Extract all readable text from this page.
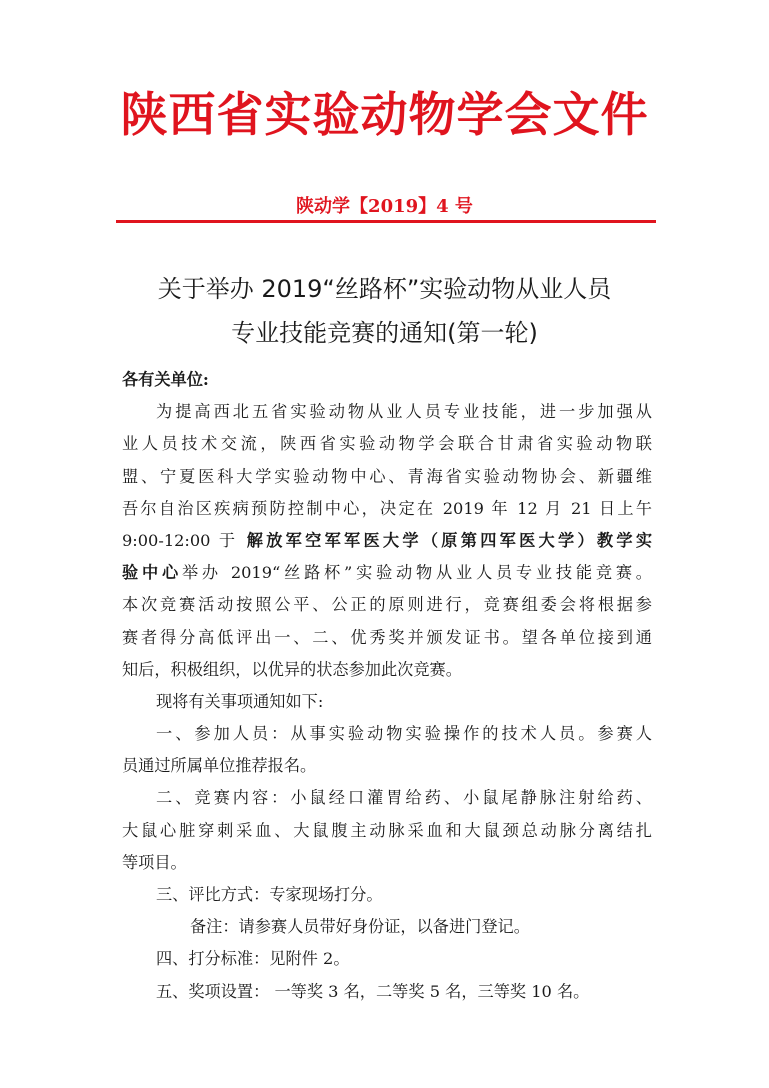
陕西省实验动物学会文件
陕动学【2019】4 号
关于举办 2019“丝路杯”实验动物从业人员
专业技能竞赛的通知(第一轮)
各有关单位:
为提高西北五省实验动物从业人员专业技能，进一步加强从
业人员技术交流，陕西省实验动物学会联合甘肃省实验动物联
盟、宁夏医科大学实验动物中心、青海省实验动物协会、新疆维
吾尔自治区疾病预防控制中心，决定在 2019 年 12 月 21 日上午
9:00-12:00 于 解放军空军军医大学（原第四军医大学）教学实
验中心举办 2019“丝路杯”实验动物从业人员专业技能竞赛。
本次竞赛活动按照公平、公正的原则进行，竞赛组委会将根据参
赛者得分高低评出一、二、优秀奖并颁发证书。望各单位接到通
知后，积极组织，以优异的状态参加此次竞赛。
现将有关事项通知如下:
一、参加人员：从事实验动物实验操作的技术人员。参赛人
员通过所属单位推荐报名。
二、竞赛内容：小鼠经口灌胃给药、小鼠尾静脉注射给药、
大鼠心脏穿刺采血、大鼠腹主动脉采血和大鼠颈总动脉分离结扎
等项目。
三、评比方式：专家现场打分。
备注：请参赛人员带好身份证，以备进门登记。
四、打分标准：见附件 2。
五、奖项设置： 一等奖 3 名，二等奖 5 名，三等奖 10 名。
